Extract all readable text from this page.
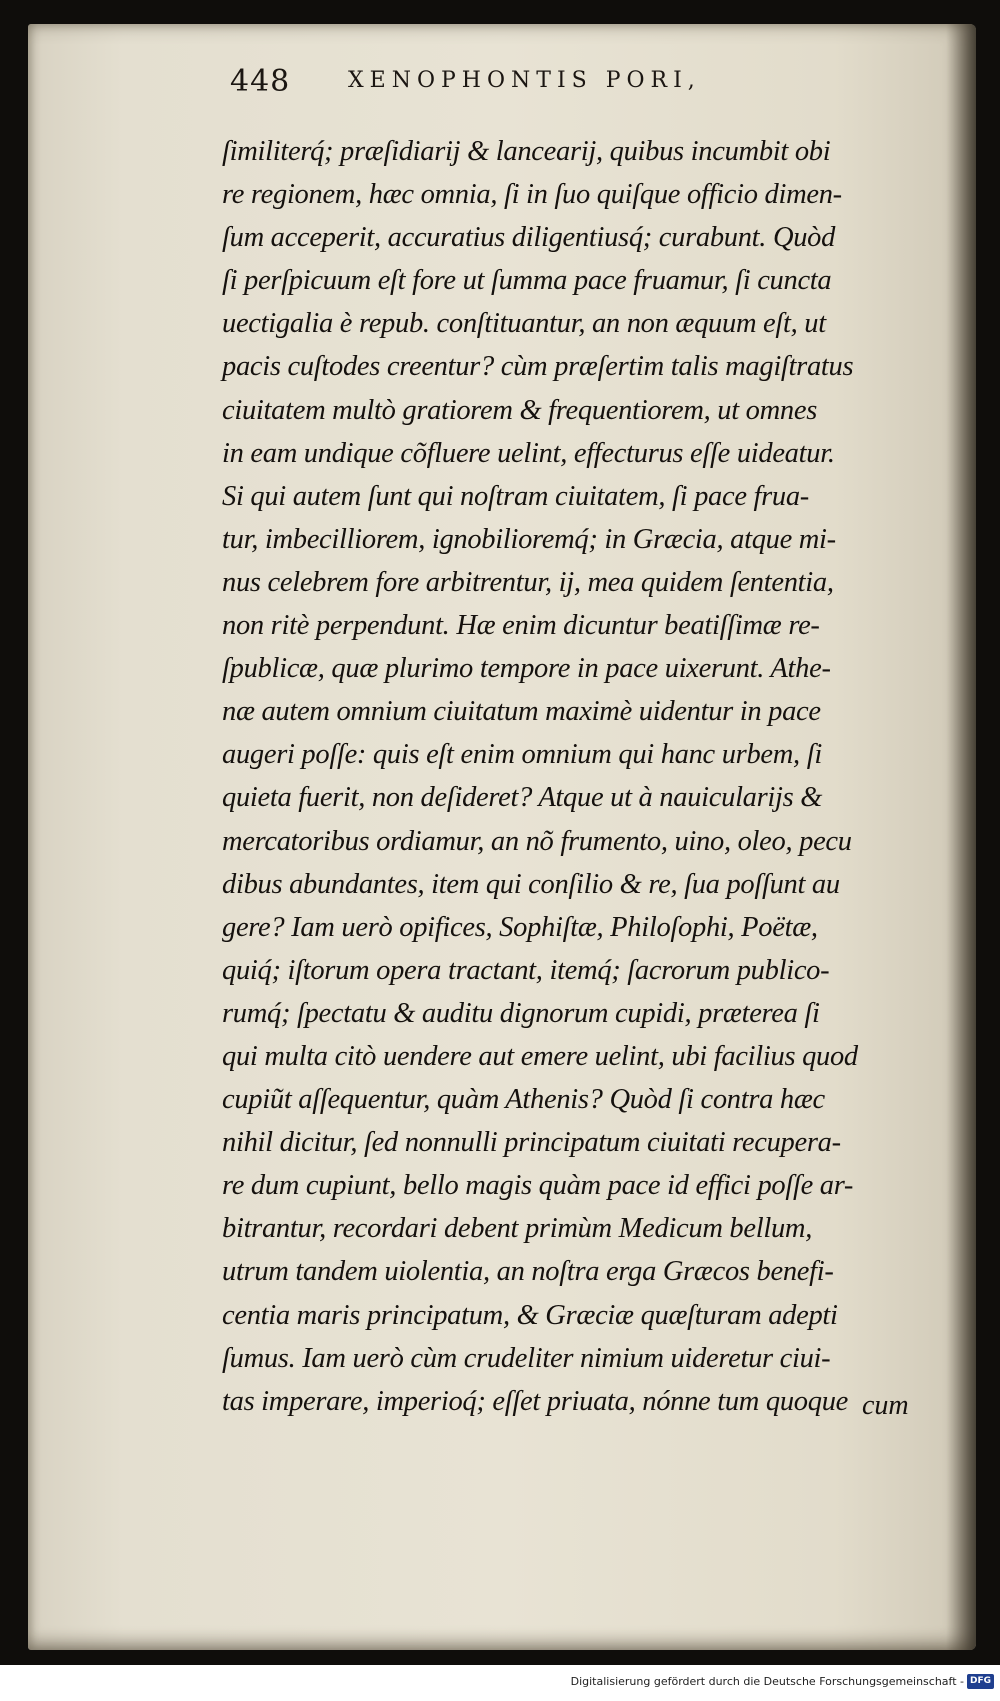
448	XENOPHONTIS PORI,
ſimiliterq́; præſidiarij & lancearij, quibus incumbit obi
re regionem, hæc omnia, ſi in ſuo quiſque officio dimen-
ſum acceperit, accuratius diligentiusq́; curabunt. Quòd
ſi perſpicuum eſt fore ut ſumma pace fruamur, ſi cuncta
uectigalia è repub. conſtituantur, an non æquum eſt, ut
pacis cuſtodes creentur? cùm præſertim talis magiſtratus
ciuitatem multò gratiorem & frequentiorem, ut omnes
in eam undique cõfluere uelint, effecturus eſſe uideatur.
Si qui autem ſunt qui noſtram ciuitatem, ſi pace frua-
tur, imbecilliorem, ignobilioremq́; in Græcia, atque mi-
nus celebrem fore arbitrentur, ij, mea quidem ſententia,
non ritè perpendunt. Hæ enim dicuntur beatiſſimæ re-
ſpublicæ, quæ plurimo tempore in pace uixerunt. Athe-
næ autem omnium ciuitatum maximè uidentur in pace
augeri poſſe: quis eſt enim omnium qui hanc urbem, ſi
quieta fuerit, non deſideret? Atque ut à nauicularijs &
mercatoribus ordiamur, an nõ frumento, uino, oleo, pecu
dibus abundantes, item qui conſilio & re, ſua poſſunt au
gere? Iam uerò opifices, Sophiſtæ, Philoſophi, Poëtæ,
quiq́; iſtorum opera tractant, itemq́; ſacrorum publico-
rumq́; ſpectatu & auditu dignorum cupidi, præterea ſi
qui multa citò uendere aut emere uelint, ubi facilius quod
cupiũt aſſequentur, quàm Athenis? Quòd ſi contra hæc
nihil dicitur, ſed nonnulli principatum ciuitati recupera-
re dum cupiunt, bello magis quàm pace id effici poſſe ar-
bitrantur, recordari debent primùm Medicum bellum,
utrum tandem uiolentia, an noſtra erga Græcos benefi-
centia maris principatum, & Græciæ quæſturam adepti
ſumus. Iam uerò cùm crudeliter nimium uideretur ciui-
tas imperare, imperioq́; eſſet priuata, nónne tum quoque cum
Digitalisierung gefördert durch die Deutsche Forschungsgemeinschaft - DFG
